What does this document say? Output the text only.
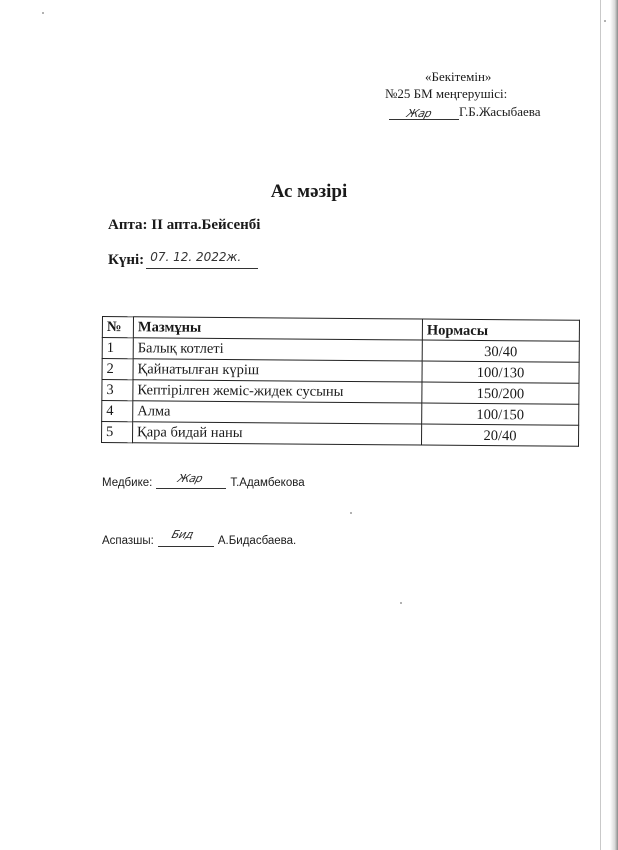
«Бекітемін»
№25 БМ меңгерушісі:
Жар Г.Б.Жасыбаева
Ас мәзірі
Апта: II апта.Бейсенбі
Күні: 07. 12. 2022ж.
№	Мазмұны	Нормасы
1	Балық котлеті	30/40
2	Қайнатылған күріш	100/130
3	Кептірілген жеміс-жидек сусыны	150/200
4	Алма	100/150
5	Қара бидай наны	20/40
Медбике: Жар Т.Адамбекова
Аспазшы: Бид А.Бидасбаева.
